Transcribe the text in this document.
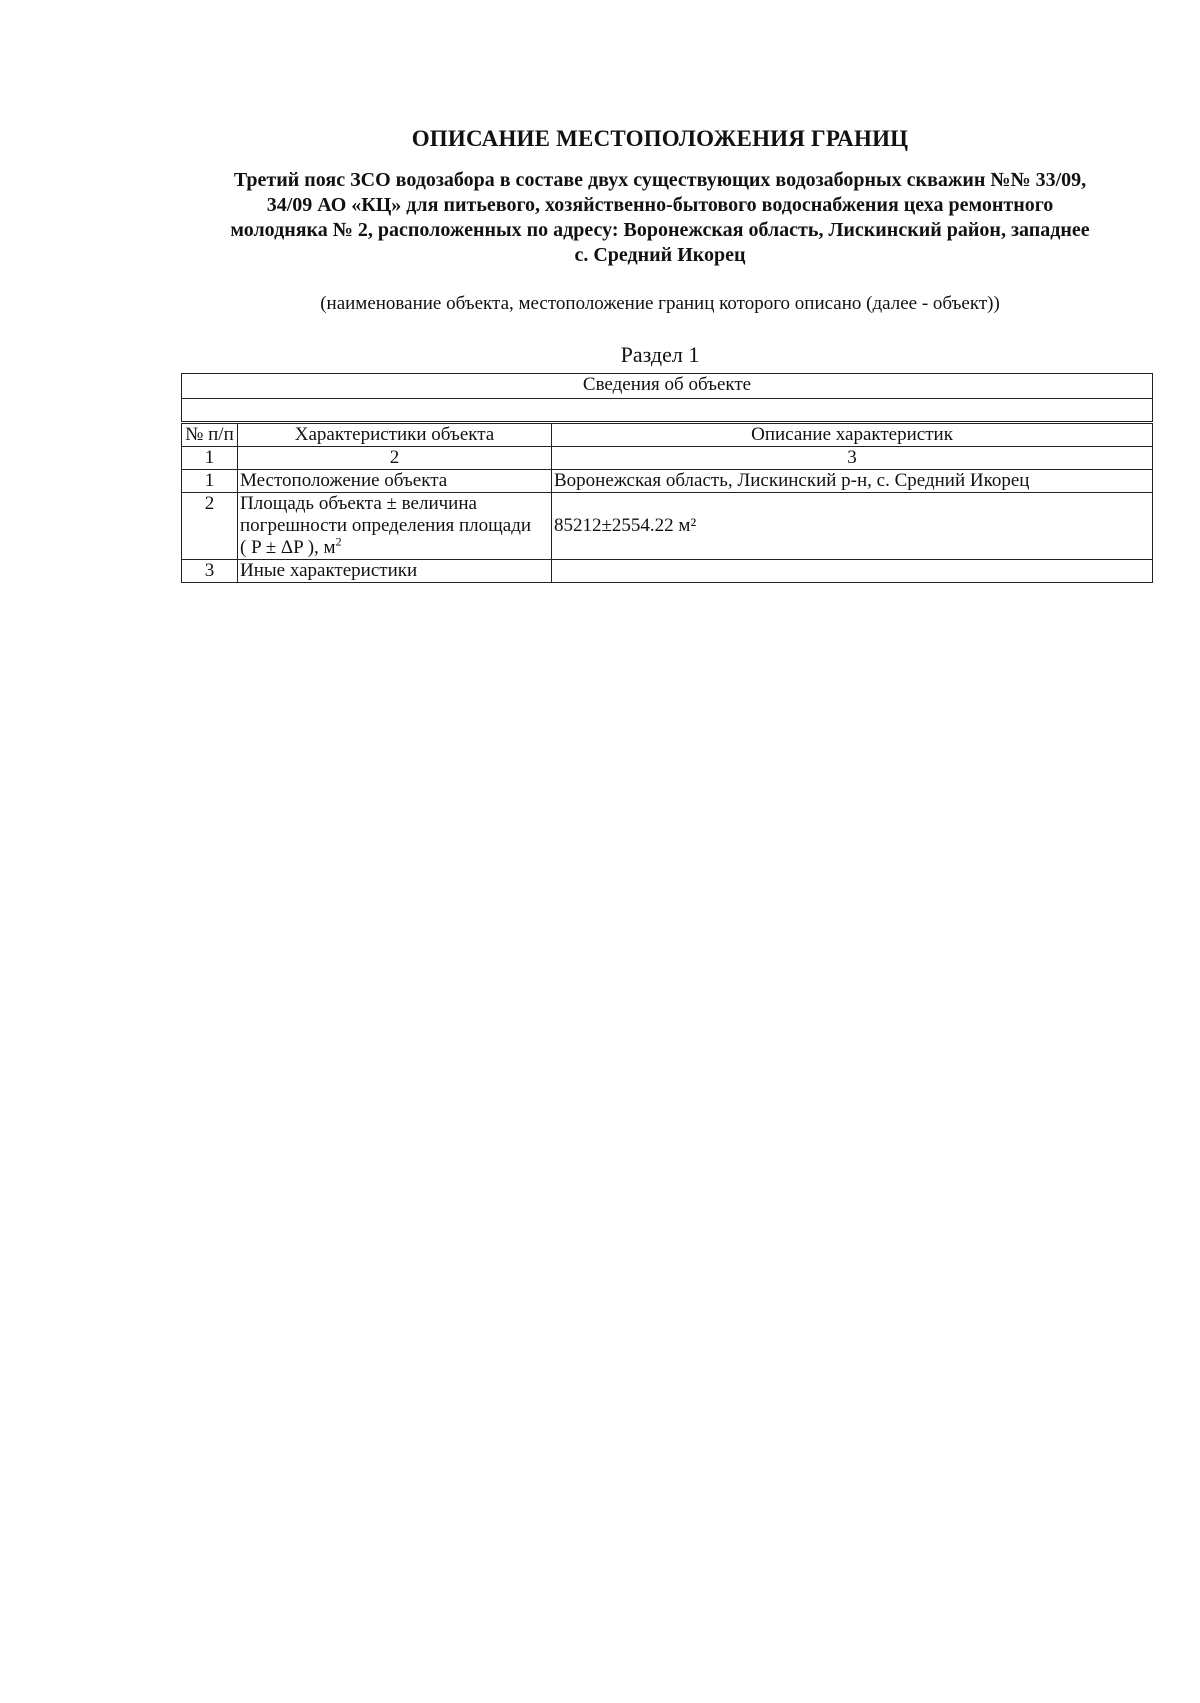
ОПИСАНИЕ МЕСТОПОЛОЖЕНИЯ ГРАНИЦ
Третий пояс ЗСО водозабора в составе двух существующих водозаборных скважин №№ 33/09,
34/09 АО «КЦ» для питьевого, хозяйственно-бытового водоснабжения цеха ремонтного
молодняка № 2, расположенных по адресу: Воронежская область, Лискинский район, западнее
с. Средний Икорец
(наименование объекта, местоположение границ которого описано (далее - объект))
Раздел 1
Сведения об объекте		

№ п/п	Характеристики объекта	Описание характеристик
1	2	3
1	Местоположение объекта	Воронежская область, Лискинский р-н, с. Средний Икорец
2	Площадь объекта ± величина
погрешности определения площади
( P ± ΔP ), $м^2$	85212±2554.22 м²
3	Иные характеристики	
